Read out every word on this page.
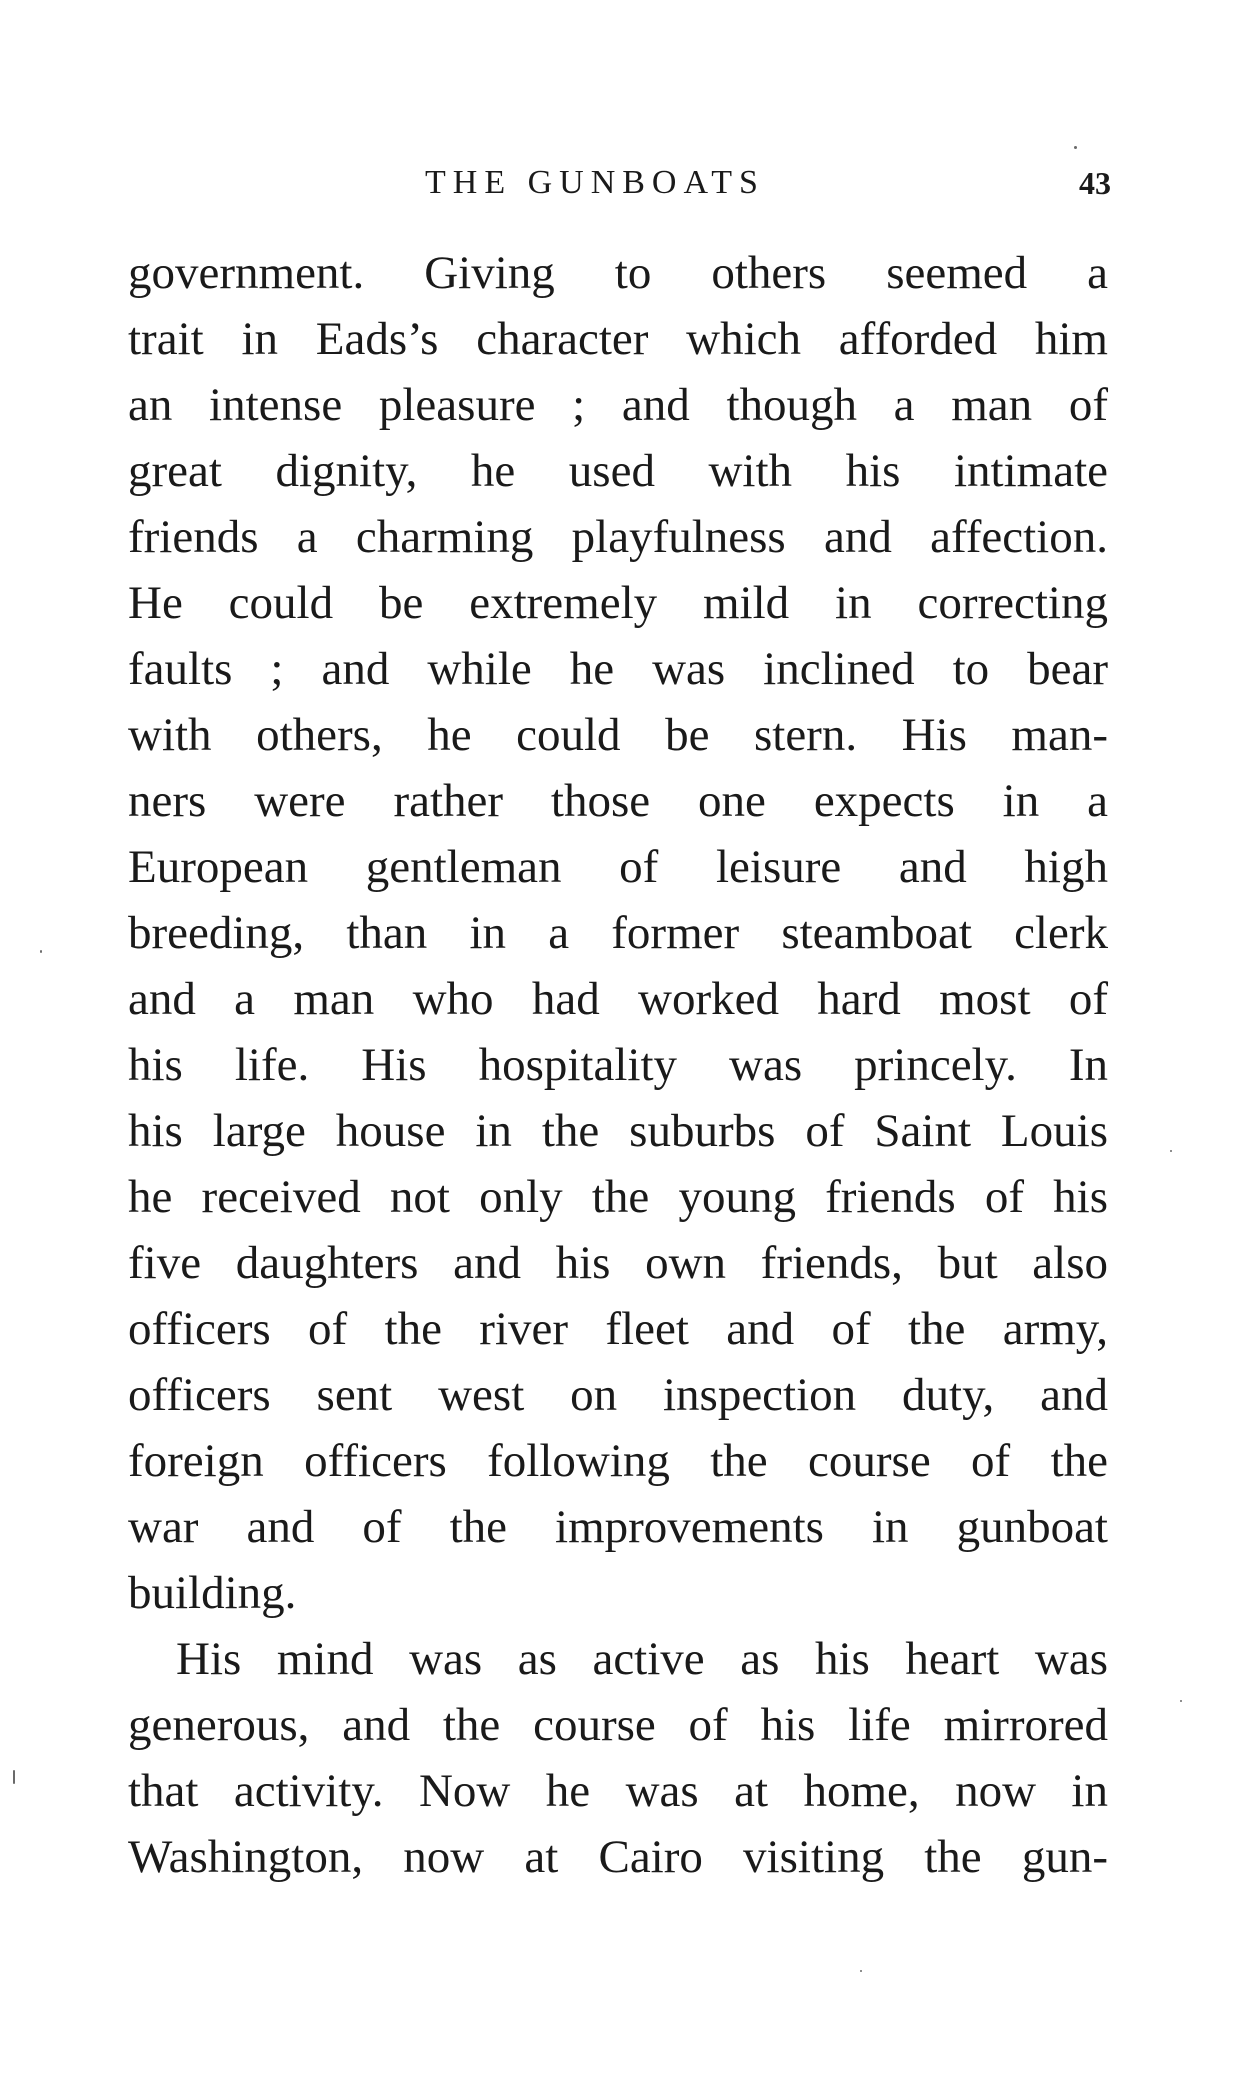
THE GUNBOATS	43
government. Giving to others seemed a
trait in Eads’s character which afforded him
an intense pleasure ; and though a man of
great dignity, he used with his intimate
friends a charming playfulness and affection.
He could be extremely mild in correcting
faults ; and while he was inclined to bear
with others, he could be stern. His man-
ners were rather those one expects in a
European gentleman of leisure and high
breeding, than in a former steamboat clerk
and a man who had worked hard most of
his life. His hospitality was princely. In
his large house in the suburbs of Saint Louis
he received not only the young friends of his
five daughters and his own friends, but also
officers of the river fleet and of the army,
officers sent west on inspection duty, and
foreign officers following the course of the
war and of the improvements in gunboat
building.
His mind was as active as his heart was
generous, and the course of his life mirrored
that activity. Now he was at home, now in
Washington, now at Cairo visiting the gun-
